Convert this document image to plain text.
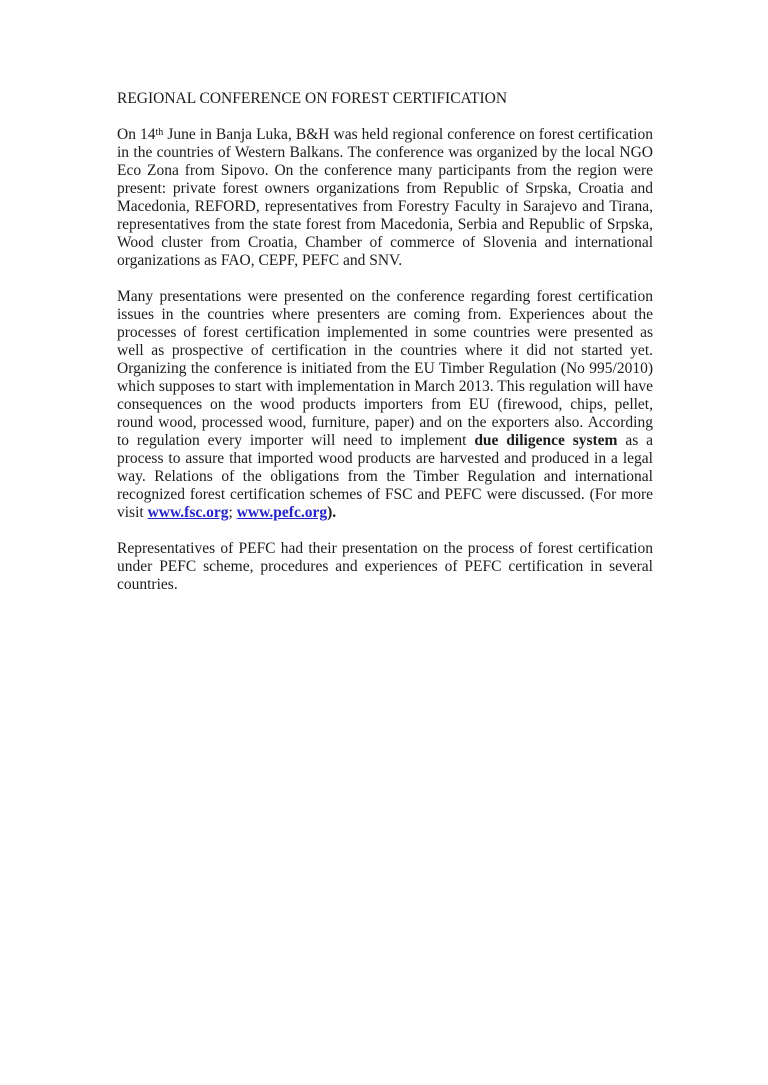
REGIONAL CONFERENCE ON FOREST CERTIFICATION

On 14th June in Banja Luka, B&H was held regional conference on forest certification in the countries of Western Balkans. The conference was organized by the local NGO Eco Zona from Sipovo. On the conference many participants from the region were present: private forest owners organizations from Republic of Srpska, Croatia and Macedonia, REFORD, representatives from Forestry Faculty in Sarajevo and Tirana, representatives from the state forest from Macedonia, Serbia and Republic of Srpska, Wood cluster from Croatia, Chamber of commerce of Slovenia and international organizations as FAO, CEPF, PEFC and SNV.

Many presentations were presented on the conference regarding forest certification issues in the countries where presenters are coming from. Experiences about the processes of forest certification implemented in some countries were presented as well as prospective of certification in the countries where it did not started yet. Organizing the conference is initiated from the EU Timber Regulation (No 995/2010) which supposes to start with implementation in March 2013. This regulation will have consequences on the wood products importers from EU (firewood, chips, pellet, round wood, processed wood, furniture, paper) and on the exporters also. According to regulation every importer will need to implement due diligence system as a process to assure that imported wood products are harvested and produced in a legal way. Relations of the obligations from the Timber Regulation and international recognized forest certification schemes of FSC and PEFC were discussed. (For more visit www.fsc.org; www.pefc.org).

Representatives of PEFC had their presentation on the process of forest certification under PEFC scheme, procedures and experiences of PEFC certification in several countries.
